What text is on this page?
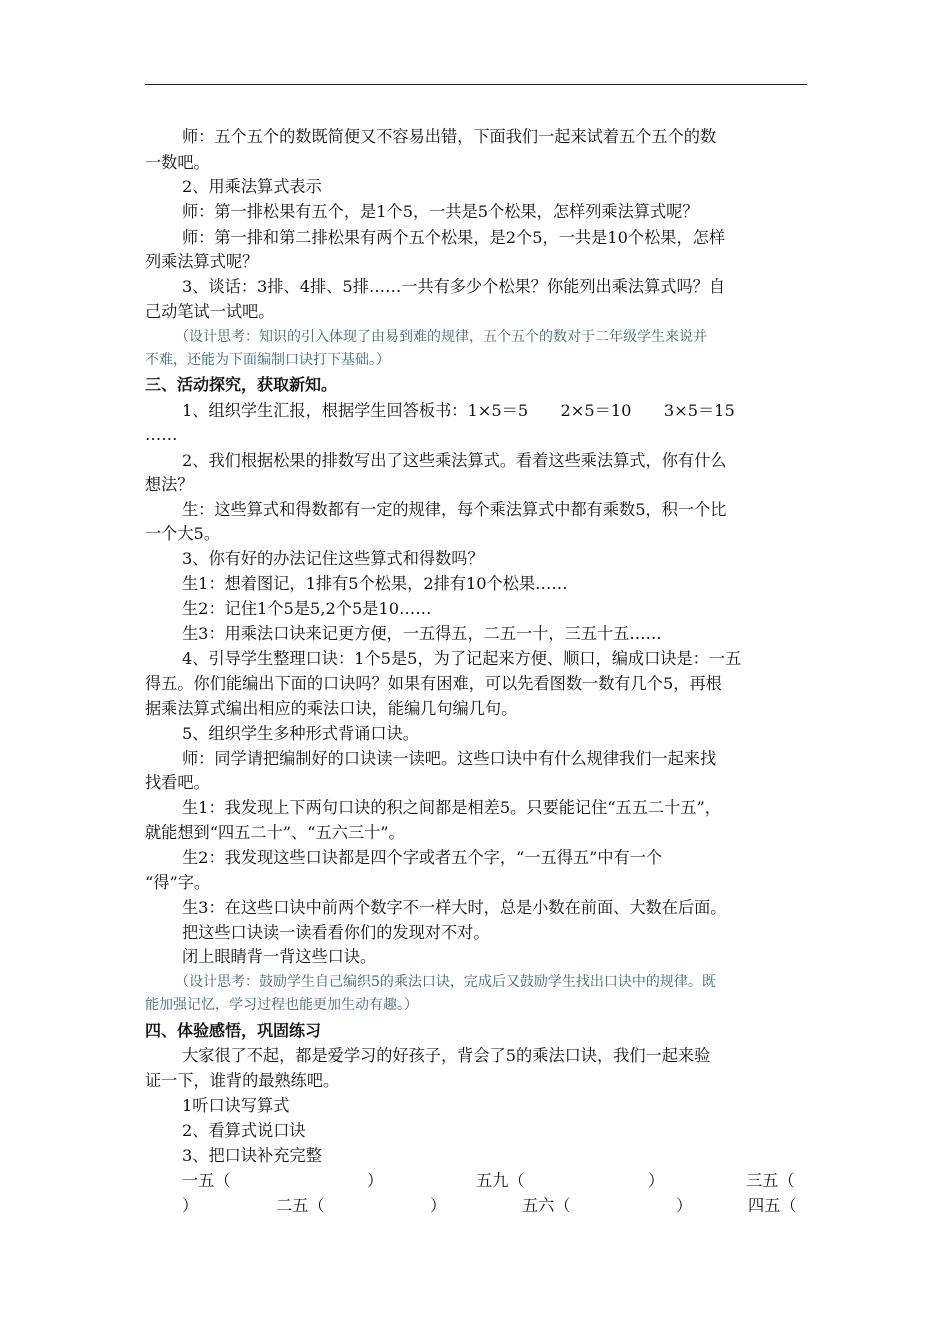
师：五个五个的数既简便又不容易出错，下面我们一起来试着五个五个的数
一数吧。
2、用乘法算式表示
师：第一排松果有五个，是1个5，一共是5个松果，怎样列乘法算式呢？
师：第一排和第二排松果有两个五个松果，是2个5，一共是10个松果，怎样
列乘法算式呢？
3、谈话：3排、4排、5排……一共有多少个松果？你能列出乘法算式吗？自
己动笔试一试吧。
（设计思考：知识的引入体现了由易到难的规律，五个五个的数对于二年级学生来说并
不难，还能为下面编制口诀打下基础。）
三、活动探究，获取新知。
1、组织学生汇报，根据学生回答板书：1×5＝5　　2×5＝10　　3×5＝15
……
2、我们根据松果的排数写出了这些乘法算式。看着这些乘法算式，你有什么
想法？
生：这些算式和得数都有一定的规律，每个乘法算式中都有乘数5，积一个比
一个大5。
3、你有好的办法记住这些算式和得数吗？
生1：想着图记，1排有5个松果，2排有10个松果……
生2：记住1个5是5,2个5是10……
生3：用乘法口诀来记更方便，一五得五，二五一十，三五十五……
4、引导学生整理口诀：1个5是5，为了记起来方便、顺口，编成口诀是：一五
得五。你们能编出下面的口诀吗？如果有困难，可以先看图数一数有几个5，再根
据乘法算式编出相应的乘法口诀，能编几句编几句。
5、组织学生多种形式背诵口诀。
师：同学请把编制好的口诀读一读吧。这些口诀中有什么规律我们一起来找
找看吧。
生1：我发现上下两句口诀的积之间都是相差5。只要能记住“五五二十五”，
就能想到“四五二十”、“五六三十”。
生2：我发现这些口诀都是四个字或者五个字，“一五得五”中有一个
“得”字。
生3：在这些口诀中前两个数字不一样大时，总是小数在前面、大数在后面。
把这些口诀读一读看看你们的发现对不对。
闭上眼睛背一背这些口诀。
（设计思考：鼓励学生自己编织5的乘法口诀，完成后又鼓励学生找出口诀中的规律。既
能加强记忆，学习过程也能更加生动有趣。）
四、体验感悟，巩固练习
大家很了不起，都是爱学习的好孩子，背会了5的乘法口诀，我们一起来验
证一下，谁背的最熟练吧。
1听口诀写算式
2、看算式说口诀
3、把口诀补充完整
一五（	）	五九（	）	三五（
）	二五（	）	五六（	）	四五（
